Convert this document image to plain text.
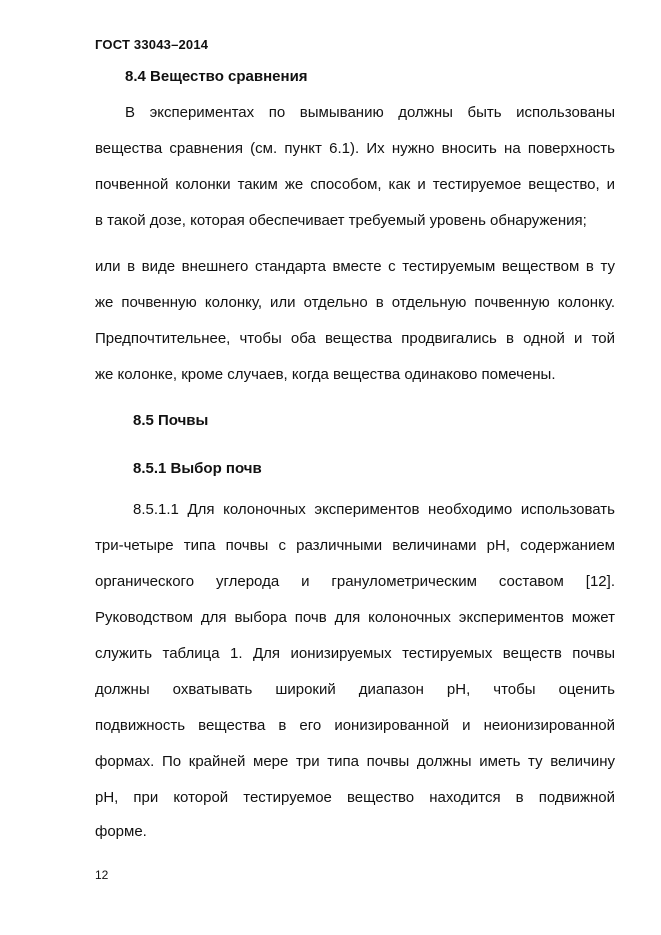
ГОСТ 33043–2014
8.4 Вещество сравнения
В экспериментах по вымыванию должны быть использованы
вещества сравнения (см. пункт 6.1). Их нужно вносить на поверхность
почвенной колонки таким же способом, как и тестируемое вещество, и
в такой дозе, которая обеспечивает требуемый уровень обнаружения;
или в виде внешнего стандарта вместе с тестируемым веществом в ту
же почвенную колонку, или отдельно в отдельную почвенную колонку.
Предпочтительнее, чтобы оба вещества продвигались в одной и той
же колонке, кроме случаев, когда вещества одинаково помечены.
8.5 Почвы
8.5.1 Выбор почв
8.5.1.1 Для колоночных экспериментов необходимо использовать
три-четыре типа почвы с различными величинами pH, содержанием
органического углерода и гранулометрическим составом [12].
Руководством для выбора почв для колоночных экспериментов может
служить таблица 1. Для ионизируемых тестируемых веществ почвы
должны охватывать широкий диапазон pH, чтобы оценить
подвижность вещества в его ионизированной и неионизированной
формах. По крайней мере три типа почвы должны иметь ту величину
pH, при которой тестируемое вещество находится в подвижной
форме.
12
